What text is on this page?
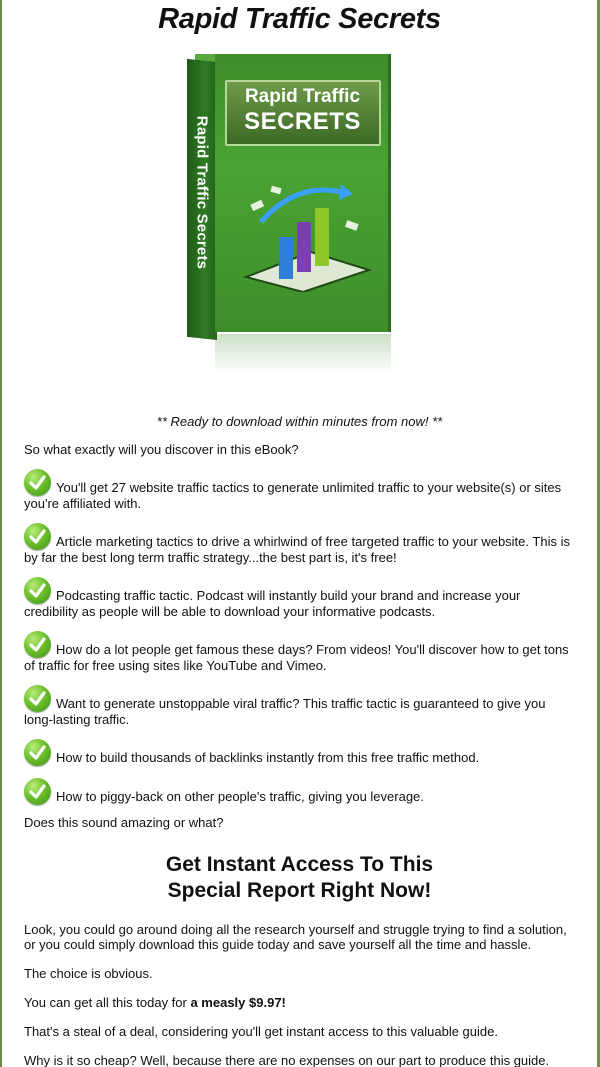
Rapid Traffic Secrets
Rapid Traffic Secrets
Rapid Traffic
SECRETS

** Ready to download within minutes from now! **

So what exactly will you discover in this eBook?

You'll get 27 website traffic tactics to generate unlimited traffic to your website(s) or sites you're affiliated with.

Article marketing tactics to drive a whirlwind of free targeted traffic to your website. This is by far the best long term traffic strategy...the best part is, it's free!

Podcasting traffic tactic. Podcast will instantly build your brand and increase your credibility as people will be able to download your informative podcasts.

How do a lot people get famous these days? From videos! You'll discover how to get tons of traffic for free using sites like YouTube and Vimeo.

Want to generate unstoppable viral traffic? This traffic tactic is guaranteed to give you long-lasting traffic.

How to build thousands of backlinks instantly from this free traffic method.

How to piggy-back on other people's traffic, giving you leverage.

Does this sound amazing or what?

Get Instant Access To This
Special Report Right Now!

Look, you could go around doing all the research yourself and struggle trying to find a solution, or you could simply download this guide today and save yourself all the time and hassle.

The choice is obvious.

You can get all this today for a measly $9.97!

That's a steal of a deal, considering you'll get instant access to this valuable guide.

Why is it so cheap? Well, because there are no expenses on our part to produce this guide.
